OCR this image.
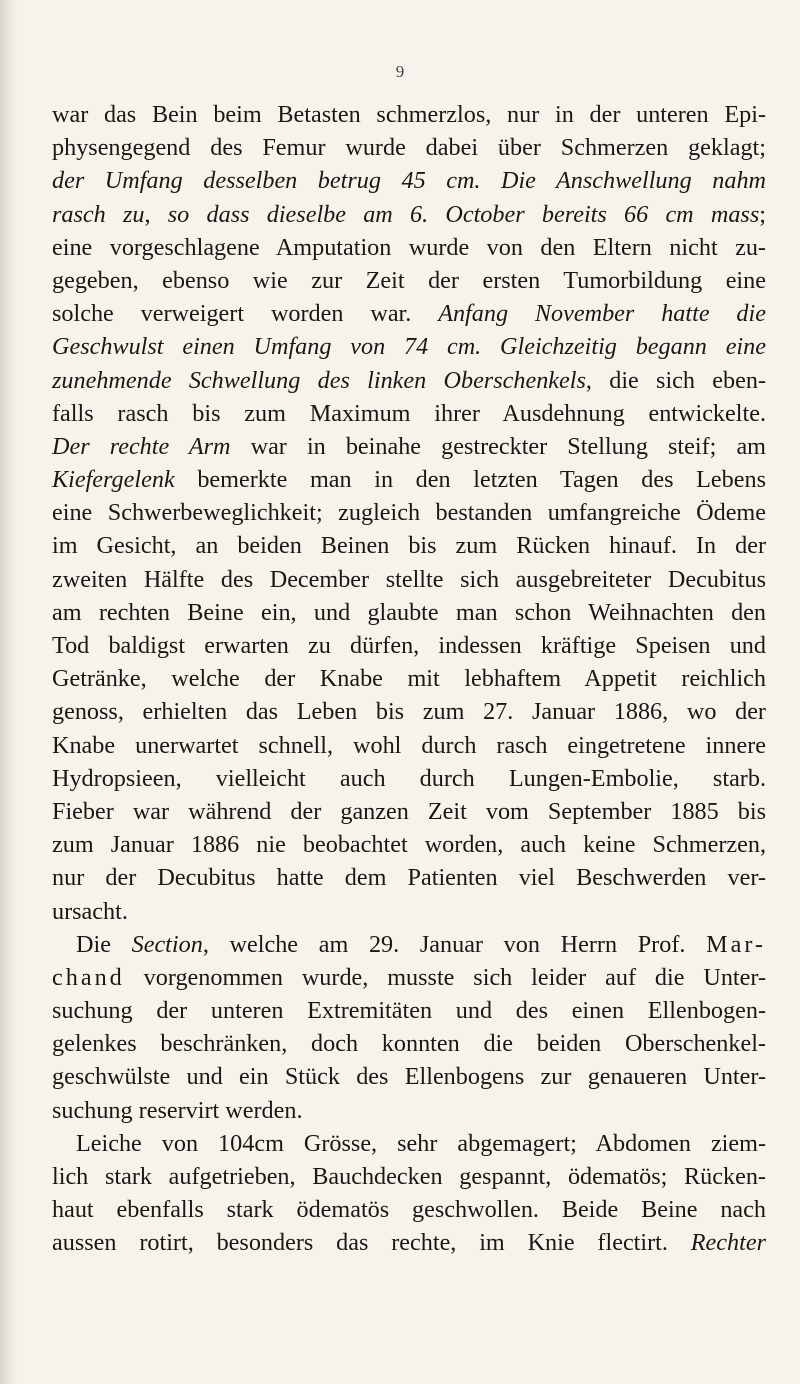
9
war das Bein beim Betasten schmerzlos, nur in der unteren Epi-
physengegend des Femur wurde dabei über Schmerzen geklagt;
der Umfang desselben betrug 45 cm. Die Anschwellung nahm
rasch zu, so dass dieselbe am 6. October bereits 66 cm mass;
eine vorgeschlagene Amputation wurde von den Eltern nicht zu-
gegeben, ebenso wie zur Zeit der ersten Tumorbildung eine
solche verweigert worden war. Anfang November hatte die
Geschwulst einen Umfang von 74 cm. Gleichzeitig begann eine
zunehmende Schwellung des linken Oberschenkels, die sich eben-
falls rasch bis zum Maximum ihrer Ausdehnung entwickelte.
Der rechte Arm war in beinahe gestreckter Stellung steif; am
Kiefergelenk bemerkte man in den letzten Tagen des Lebens
eine Schwerbeweglichkeit; zugleich bestanden umfangreiche Ödeme
im Gesicht, an beiden Beinen bis zum Rücken hinauf. In der
zweiten Hälfte des December stellte sich ausgebreiteter Decubitus
am rechten Beine ein, und glaubte man schon Weihnachten den
Tod baldigst erwarten zu dürfen, indessen kräftige Speisen und
Getränke, welche der Knabe mit lebhaftem Appetit reichlich
genoss, erhielten das Leben bis zum 27. Januar 1886, wo der
Knabe unerwartet schnell, wohl durch rasch eingetretene innere
Hydropsieen, vielleicht auch durch Lungen-Embolie, starb.
Fieber war während der ganzen Zeit vom September 1885 bis
zum Januar 1886 nie beobachtet worden, auch keine Schmerzen,
nur der Decubitus hatte dem Patienten viel Beschwerden ver-
ursacht.
Die Section, welche am 29. Januar von Herrn Prof. Mar-
chand vorgenommen wurde, musste sich leider auf die Unter-
suchung der unteren Extremitäten und des einen Ellenbogen-
gelenkes beschränken, doch konnten die beiden Oberschenkel-
geschwülste und ein Stück des Ellenbogens zur genaueren Unter-
suchung reservirt werden.
Leiche von 104cm Grösse, sehr abgemagert; Abdomen ziem-
lich stark aufgetrieben, Bauchdecken gespannt, ödematös; Rücken-
haut ebenfalls stark ödematös geschwollen. Beide Beine nach
aussen rotirt, besonders das rechte, im Knie flectirt. Rechter
